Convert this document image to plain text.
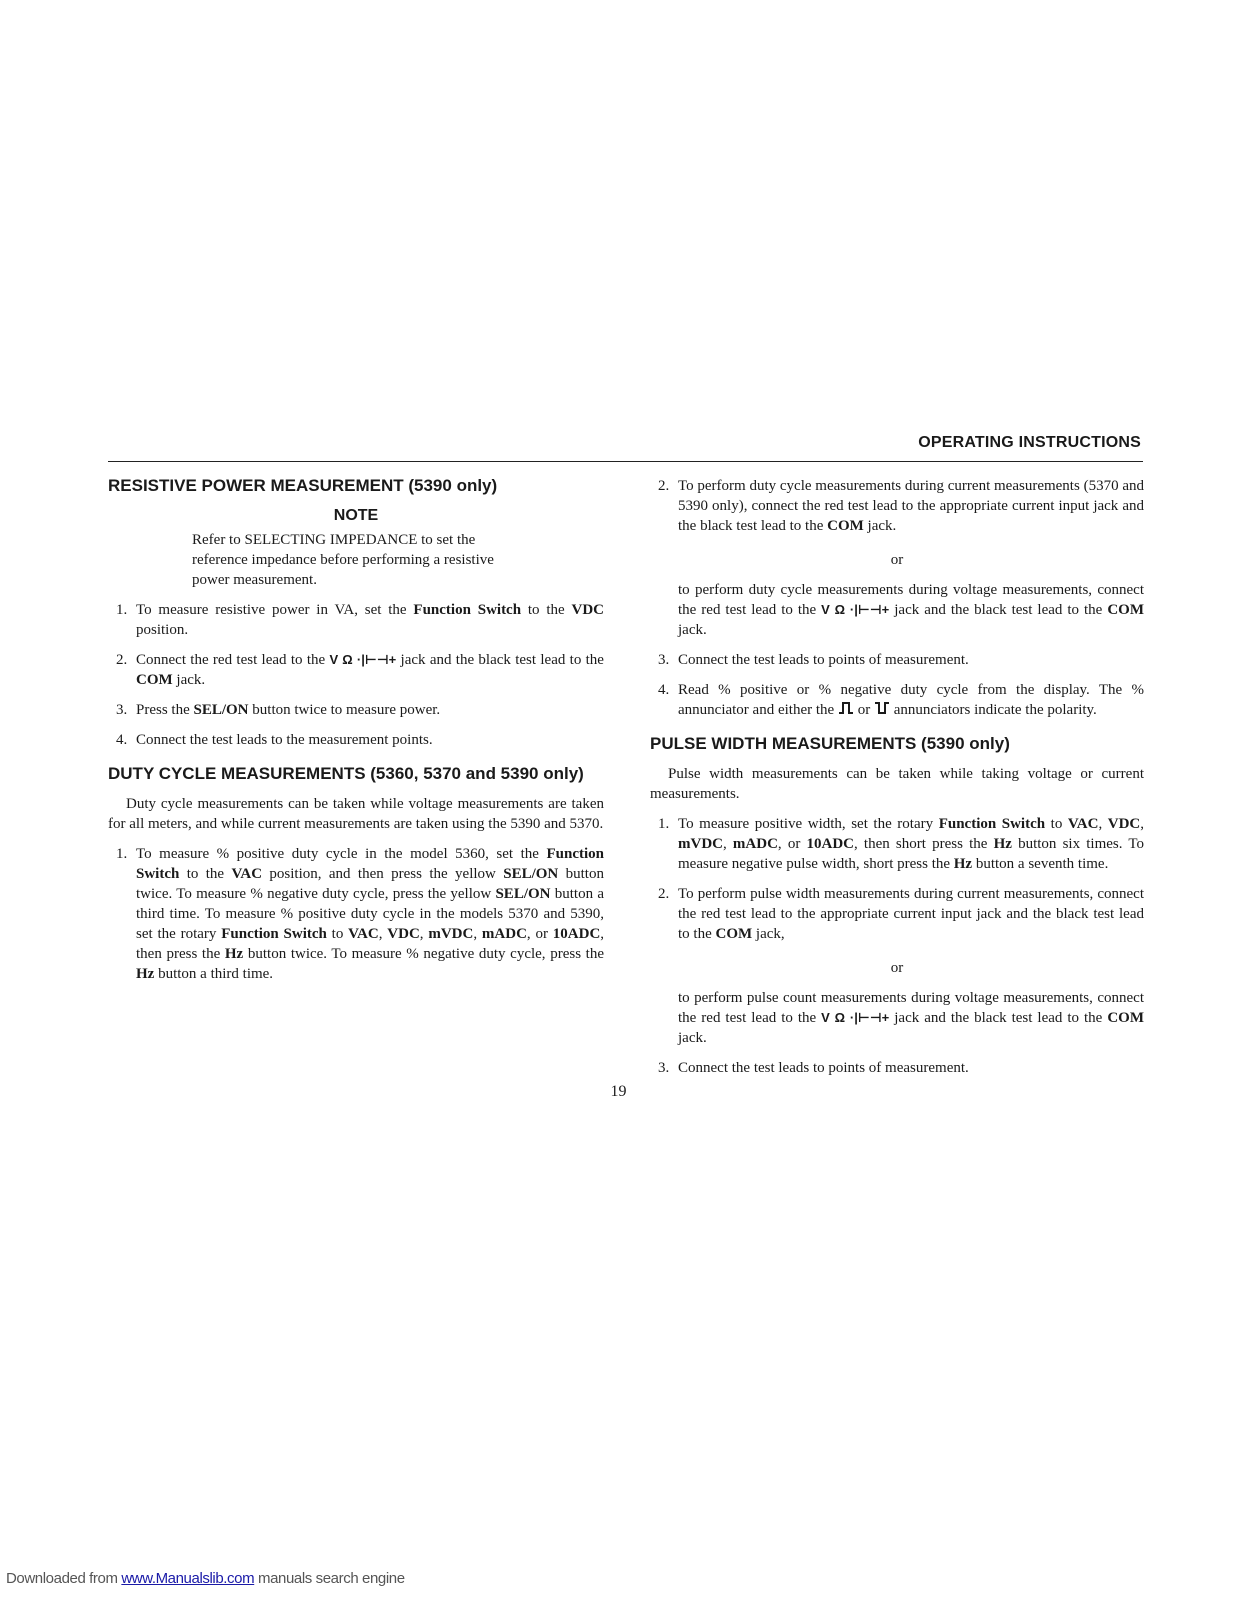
OPERATING INSTRUCTIONS
RESISTIVE POWER MEASUREMENT (5390 only)
NOTE

Refer to SELECTING IMPEDANCE to set the reference impedance before performing a resistive power measurement.

1. To measure resistive power in VA, set the Function Switch to the VDC position.
2. Connect the red test lead to the V Ω ·|⊢⊣+ jack and the black test lead to the COM jack.
3. Press the SEL/ON button twice to measure power.
4. Connect the test leads to the measurement points.
DUTY CYCLE MEASUREMENTS (5360, 5370 and 5390 only)

Duty cycle measurements can be taken while voltage measurements are taken for all meters, and while current measurements are taken using the 5390 and 5370.

1. To measure % positive duty cycle in the model 5360, set the Function Switch to the VAC position, and then press the yellow SEL/ON button twice. To measure % negative duty cycle, press the yellow SEL/ON button a third time. To measure % positive duty cycle in the models 5370 and 5390, set the rotary Function Switch to VAC, VDC, mVDC, mADC, or 10ADC, then press the Hz button twice. To measure % negative duty cycle, press the Hz button a third time.
2. To perform duty cycle measurements during current measurements (5370 and 5390 only), connect the red test lead to the appropriate current input jack and the black test lead to the COM jack.

or

to perform duty cycle measurements during voltage measurements, connect the red test lead to the V Ω ·|⊢⊣+ jack and the black test lead to the COM jack.

3. Connect the test leads to points of measurement.
4. Read % positive or % negative duty cycle from the display. The % annunciator and either the  or  annunciators indicate the polarity.
PULSE WIDTH MEASUREMENTS (5390 only)

Pulse width measurements can be taken while taking voltage or current measurements.

1. To measure positive width, set the rotary Function Switch to VAC, VDC, mVDC, mADC, or 10ADC, then short press the Hz button six times. To measure negative pulse width, short press the Hz button a seventh time.
2. To perform pulse width measurements during current measurements, connect the red test lead to the appropriate current input jack and the black test lead to the COM jack,

or

to perform pulse count measurements during voltage measurements, connect the red test lead to the V Ω ·|⊢⊣+ jack and the black test lead to the COM jack.

3. Connect the test leads to points of measurement.
19
Downloaded from www.Manualslib.com manuals search engine
